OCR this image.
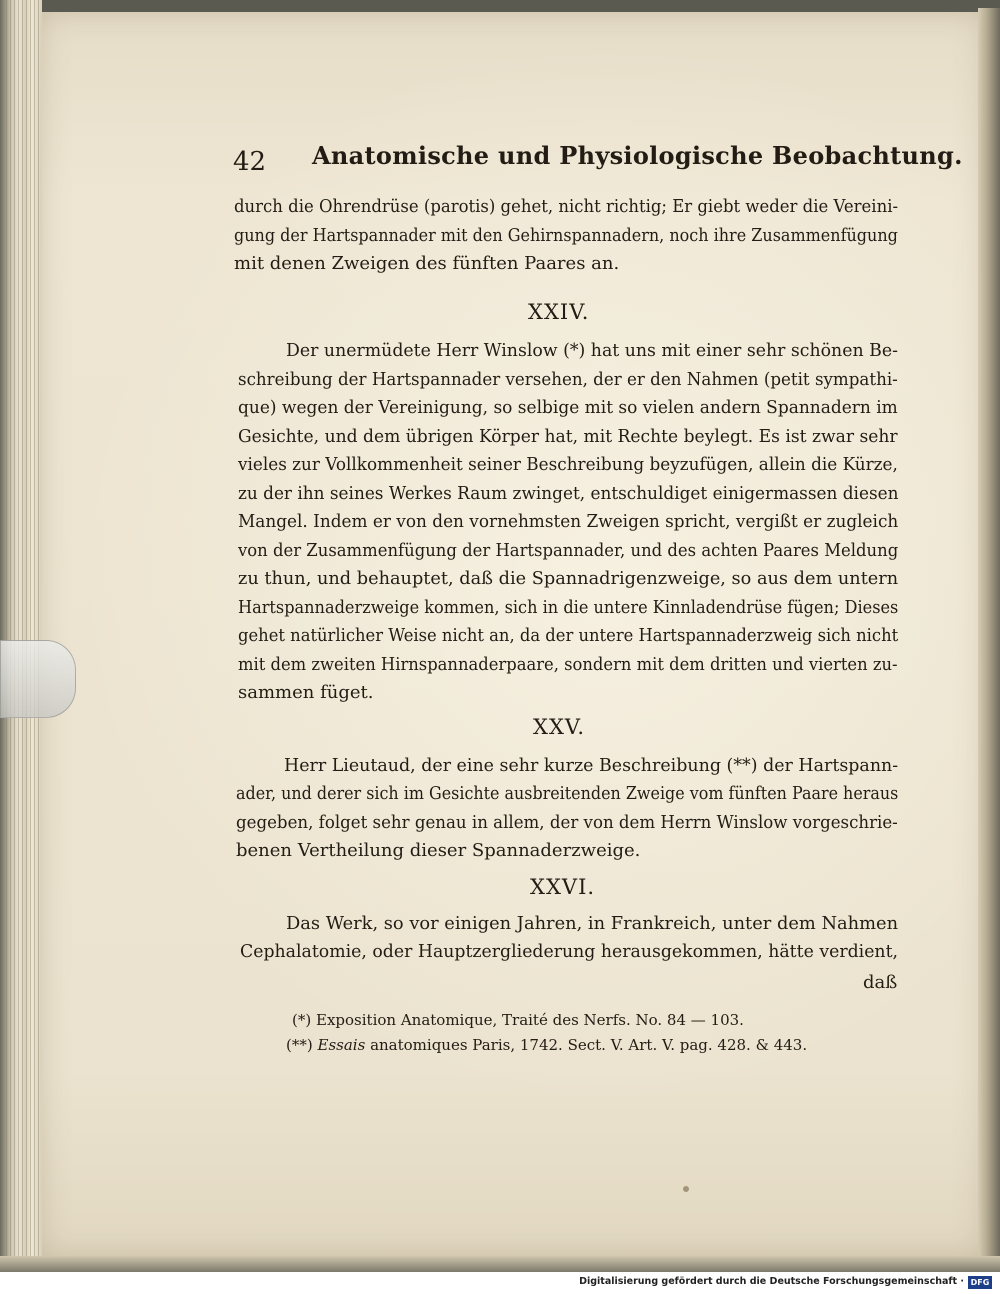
42 Anatomische und Physiologische Beobachtung.
durch die Ohrendrüse (parotis) gehet, nicht richtig; Er giebt weder die Vereini-
gung der Hartspannader mit den Gehirnspannadern, noch ihre Zusammenfügung
mit denen Zweigen des fünften Paares an.
XXIV.
Der unermüdete Herr Winslow (*) hat uns mit einer sehr schönen Be-
schreibung der Hartspannader versehen, der er den Nahmen (petit sympathi-
que) wegen der Vereinigung, so selbige mit so vielen andern Spannadern im
Gesichte, und dem übrigen Körper hat, mit Rechte beylegt. Es ist zwar sehr
vieles zur Vollkommenheit seiner Beschreibung beyzufügen, allein die Kürze,
zu der ihn seines Werkes Raum zwinget, entschuldiget einigermassen diesen
Mangel. Indem er von den vornehmsten Zweigen spricht, vergißt er zugleich
von der Zusammenfügung der Hartspannader, und des achten Paares Meldung
zu thun, und behauptet, daß die Spannadrigenzweige, so aus dem untern
Hartspannaderzweige kommen, sich in die untere Kinnladendrüse fügen; Dieses
gehet natürlicher Weise nicht an, da der untere Hartspannaderzweig sich nicht
mit dem zweiten Hirnspannaderpaare, sondern mit dem dritten und vierten zu-
sammen füget.
XXV.
Herr Lieutaud, der eine sehr kurze Beschreibung (**) der Hartspann-
ader, und derer sich im Gesichte ausbreitenden Zweige vom fünften Paare heraus
gegeben, folget sehr genau in allem, der von dem Herrn Winslow vorgeschrie-
benen Vertheilung dieser Spannaderzweige.
XXVI.
Das Werk, so vor einigen Jahren, in Frankreich, unter dem Nahmen
Cephalatomie, oder Hauptzergliederung herausgekommen, hätte verdient,
daß
(*) Exposition Anatomique, Traité des Nerfs. No. 84 — 103.
(**) Essais anatomiques Paris, 1742. Sect. V. Art. V. pag. 428. & 443.
Digitalisierung gefördert durch die Deutsche Forschungsgemeinschaft · DFG
